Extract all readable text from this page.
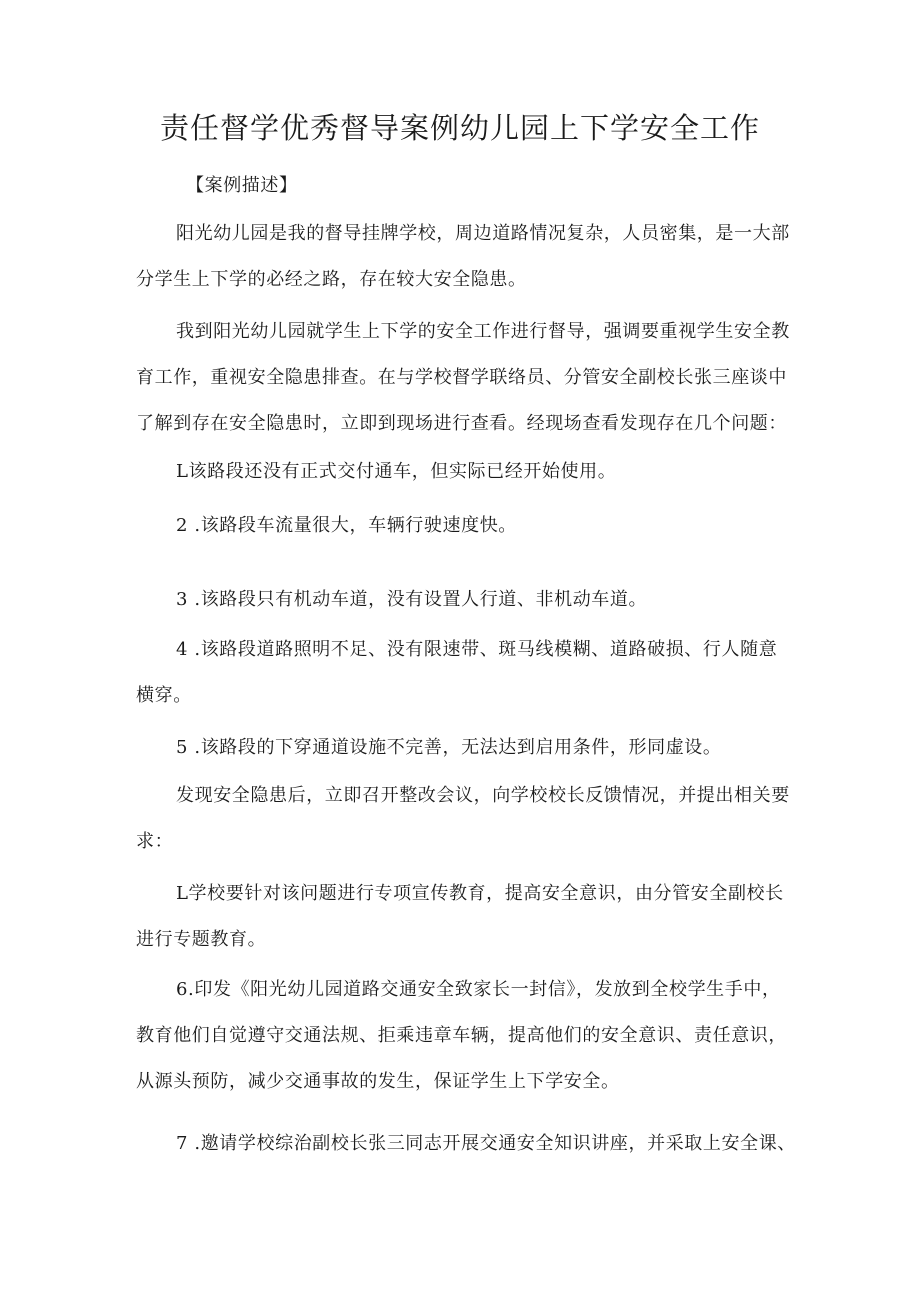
责任督学优秀督导案例幼儿园上下学安全工作
【案例描述】
阳光幼儿园是我的督导挂牌学校，周边道路情况复杂，人员密集，是一大部
分学生上下学的必经之路，存在较大安全隐患。
我到阳光幼儿园就学生上下学的安全工作进行督导，强调要重视学生安全教
育工作，重视安全隐患排查。在与学校督学联络员、分管安全副校长张三座谈中
了解到存在安全隐患时，立即到现场进行查看。经现场查看发现存在几个问题：
L该路段还没有正式交付通车，但实际已经开始使用。
2 .该路段车流量很大，车辆行驶速度快。
3 .该路段只有机动车道，没有设置人行道、非机动车道。
4 .该路段道路照明不足、没有限速带、斑马线模糊、道路破损、行人随意
横穿。
5 .该路段的下穿通道设施不完善，无法达到启用条件，形同虚设。
发现安全隐患后，立即召开整改会议，向学校校长反馈情况，并提出相关要
求：
L学校要针对该问题进行专项宣传教育，提高安全意识，由分管安全副校长
进行专题教育。
6.印发《阳光幼儿园道路交通安全致家长一封信》，发放到全校学生手中，
教育他们自觉遵守交通法规、拒乘违章车辆，提高他们的安全意识、责任意识，
从源头预防，减少交通事故的发生，保证学生上下学安全。
7 .邀请学校综治副校长张三同志开展交通安全知识讲座，并采取上安全课、
